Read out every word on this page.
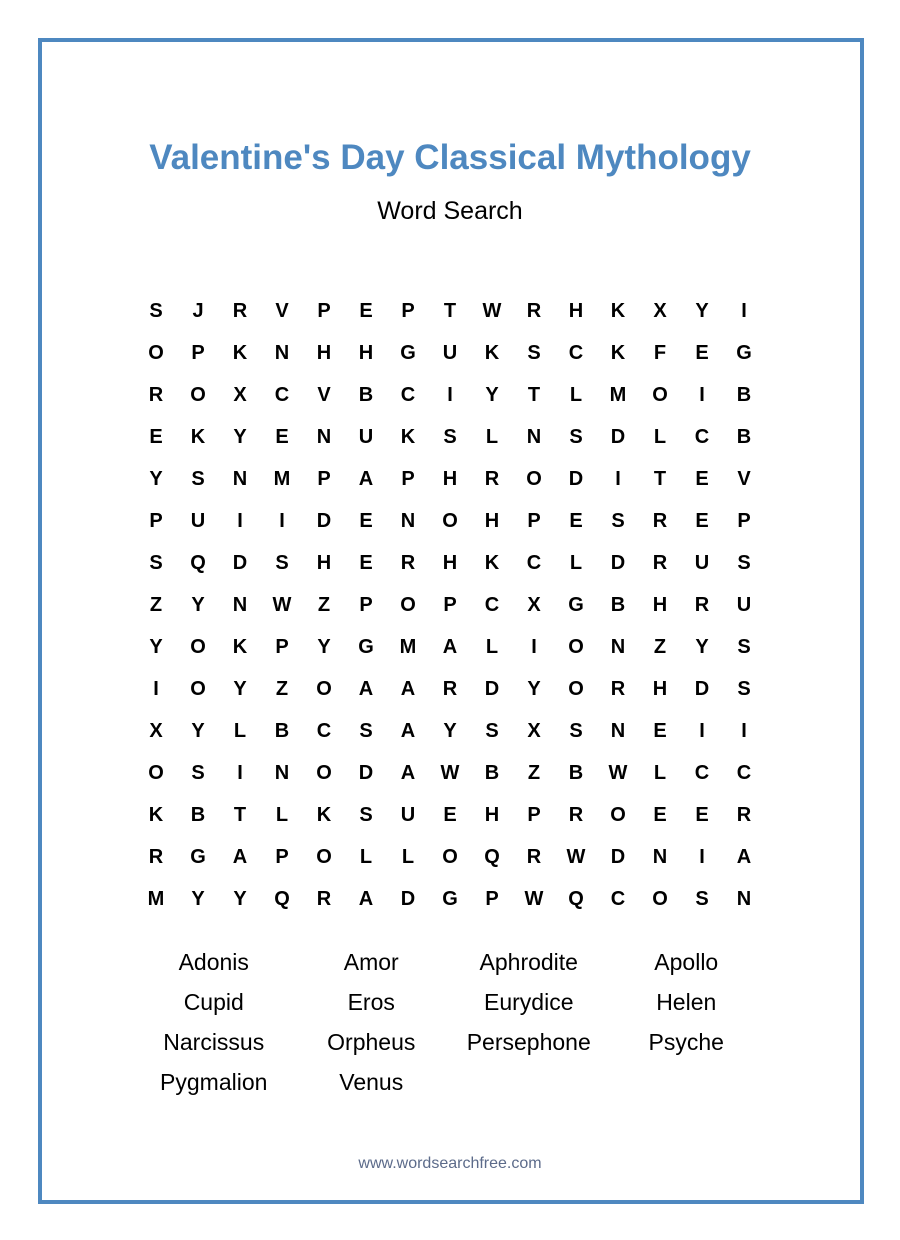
Valentine's Day Classical Mythology
Word Search
S	J	R	V	P	E	P	T	W	R	H	K	X	Y	I
O	P	K	N	H	H	G	U	K	S	C	K	F	E	G
R	O	X	C	V	B	C	I	Y	T	L	M	O	I	B
E	K	Y	E	N	U	K	S	L	N	S	D	L	C	B
Y	S	N	M	P	A	P	H	R	O	D	I	T	E	V
P	U	I	I	D	E	N	O	H	P	E	S	R	E	P
S	Q	D	S	H	E	R	H	K	C	L	D	R	U	S
Z	Y	N	W	Z	P	O	P	C	X	G	B	H	R	U
Y	O	K	P	Y	G	M	A	L	I	O	N	Z	Y	S
I	O	Y	Z	O	A	A	R	D	Y	O	R	H	D	S
X	Y	L	B	C	S	A	Y	S	X	S	N	E	I	I
O	S	I	N	O	D	A	W	B	Z	B	W	L	C	C
K	B	T	L	K	S	U	E	H	P	R	O	E	E	R
R	G	A	P	O	L	L	O	Q	R	W	D	N	I	A
M	Y	Y	Q	R	A	D	G	P	W	Q	C	O	S	N
Adonis	Amor	Aphrodite	Apollo
Cupid	Eros	Eurydice	Helen
Narcissus	Orpheus	Persephone	Psyche
Pygmalion	Venus
www.wordsearchfree.com
